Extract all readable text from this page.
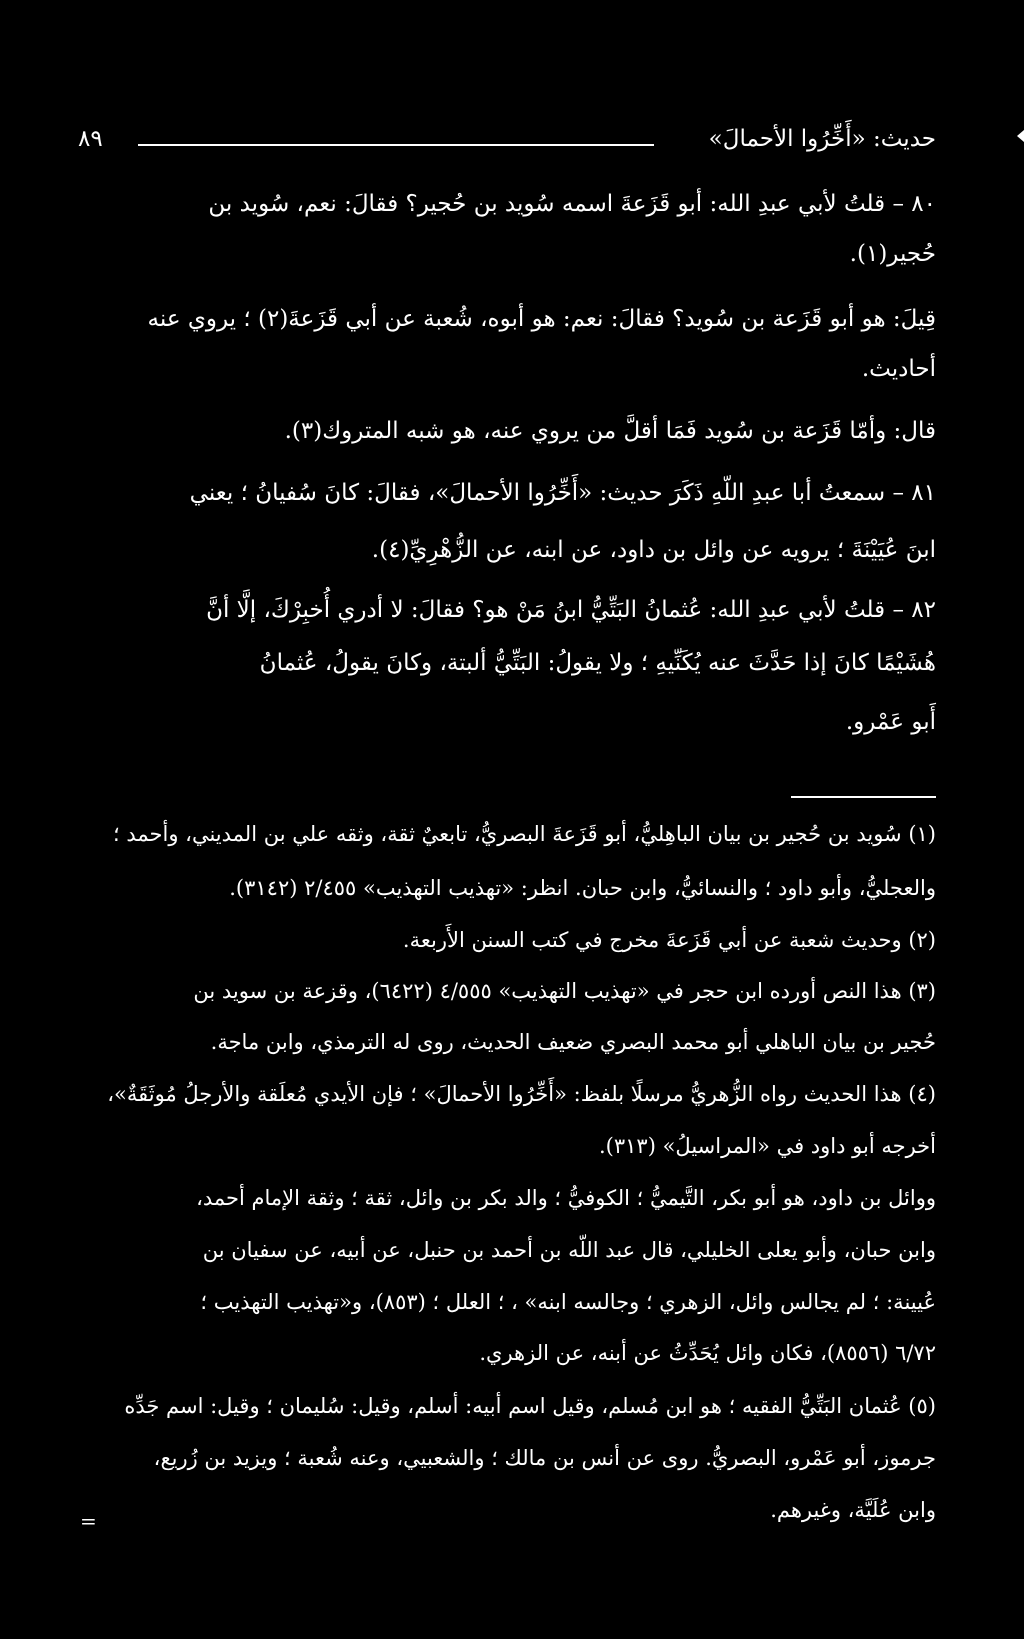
حديث: «أَخِّرُوا الأحمالَ»
٨٩
٨٠ – قلتُ لأبي عبدِ الله: أبو قَزَعةَ اسمه سُويد بن حُجير؟ فقالَ: نعم، سُويد بن
حُجير(١).
قِيلَ: هو أبو قَزَعة بن سُويد؟ فقالَ: نعم: هو أبوه، شُعبة عن أبي قَزَعةَ(٢) ؛ يروي عنه
أحاديث.
قال: وأمّا قَزَعة بن سُويد فَمَا أقلَّ من يروي عنه، هو شبه المتروك(٣).
٨١ – سمعتُ أبا عبدِ اللّهِ ذَكَرَ حديث: «أَخِّرُوا الأحمالَ»، فقالَ: كانَ سُفيانُ ؛ يعني
ابنَ عُيَيْنَةَ ؛ يرويه عن وائل بن داود، عن ابنه، عن الزُّهْرِيِّ(٤).
٨٢ – قلتُ لأبي عبدِ الله: عُثمانُ البَتِّيُّ ابنُ مَنْ هو؟ فقالَ: لا أدري أُخبِرْكَ، إلَّا أنَّ
هُشَيْمًا كانَ إذا حَدَّثَ عنه يُكَنِّيهِ ؛ ولا يقولُ: البَتِّيُّ ألبتة، وكانَ يقولُ، عُثمانُ
أَبو عَمْرو.
(١) سُويد بن حُجير بن بيان الباهِليُّ، أبو قَزَعةَ البصريُّ، تابعيٌ ثقة، وثقه علي بن المديني، وأحمد ؛
والعجليُّ، وأبو داود ؛ والنسائيُّ، وابن حبان. انظر: «تهذيب التهذيب» ٢/٤٥٥ (٣١٤٢).
(٢) وحديث شعبة عن أبي قَزَعةَ مخرج في كتب السنن الأَربعة.
(٣) هذا النص أورده ابن حجر في «تهذيب التهذيب» ٤/٥٥٥ (٦٤٢٢)، وقزعة بن سويد بن
حُجير بن بيان الباهلي أبو محمد البصري ضعيف الحديث، روى له الترمذي، وابن ماجة.
(٤) هذا الحديث رواه الزُّهريُّ مرسلًا بلفظ: «أَخِّرُوا الأحمالَ» ؛ فإن الأيدي مُعلَقة والأرجلُ مُوثَقَةٌ»،
أخرجه أبو داود في «المراسيلُ» (٣١٣).
ووائل بن داود، هو أبو بكر، التَّيميُّ ؛ الكوفيُّ ؛ والد بكر بن وائل، ثقة ؛ وثقة الإمام أحمد،
وابن حبان، وأبو يعلى الخليلي، قال عبد اللّه بن أحمد بن حنبل، عن أبيه، عن سفيان بن
عُيينة: ؛ لم يجالس وائل، الزهري ؛ وجالسه ابنه» ، ؛ العلل ؛ (٨٥٣)، و«تهذيب التهذيب ؛
٦/٧٢ (٨٥٥٦)، فكان وائل يُحَدِّثُ عن أبنه، عن الزهري.
(٥) عُثمان البَتِّيُّ الفقيه ؛ هو ابن مُسلم، وقيل اسم أبيه: أسلم، وقيل: سُليمان ؛ وقيل: اسم جَدِّه
جرموز، أبو عَمْرو، البصريُّ. روى عن أنس بن مالك ؛ والشعبيي، وعنه شُعبة ؛ ويزيد بن زُريع،
وابن عُلَيَّة، وغيرهم.
=
